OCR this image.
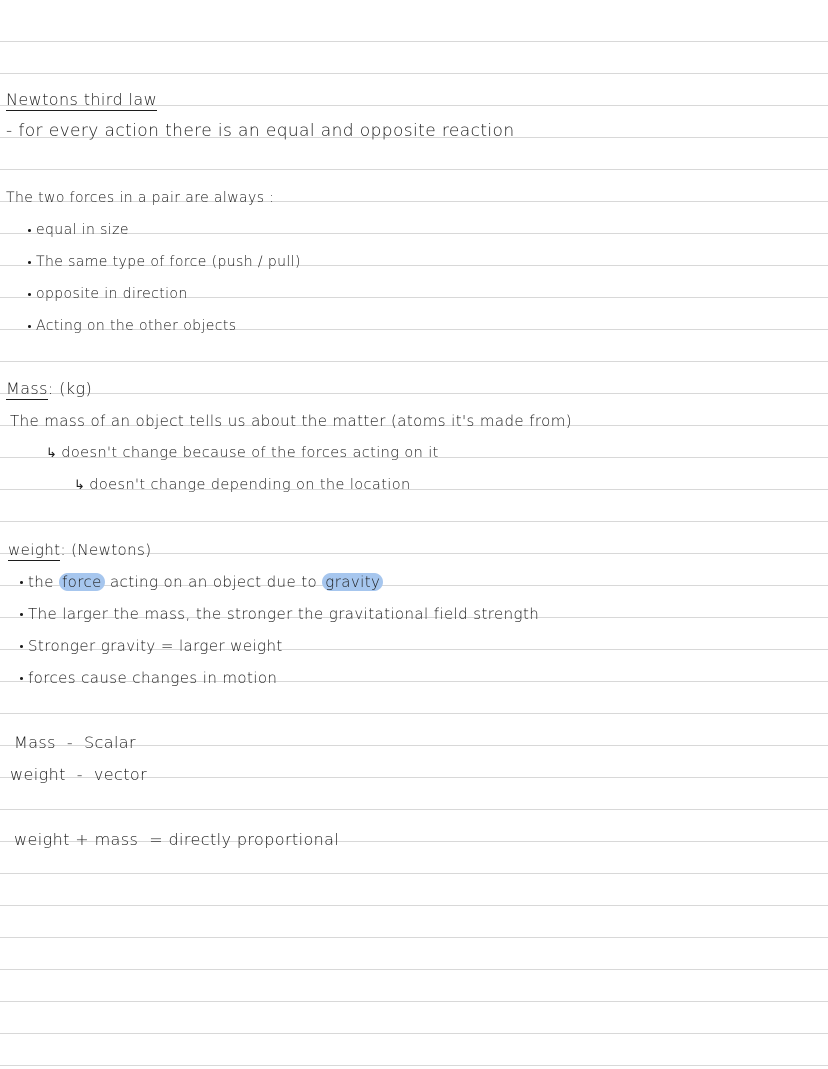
Newtons third law
- for every action there is an equal and opposite reaction
The two forces in a pair are always :
equal in size
The same type of force (push / pull)
opposite in direction
Acting on the other objects
Mass: (kg)
The mass of an object tells us about the matter (atoms it's made from)
↳ doesn't change because of the forces acting on it
↳ doesn't change depending on the location
weight: (Newtons)
the force acting on an object due to gravity
The larger the mass, the stronger the gravitational field strength
Stronger gravity = larger weight
forces cause changes in motion
Mass  -  Scalar
weight  -  vector
weight + mass  = directly proportional
